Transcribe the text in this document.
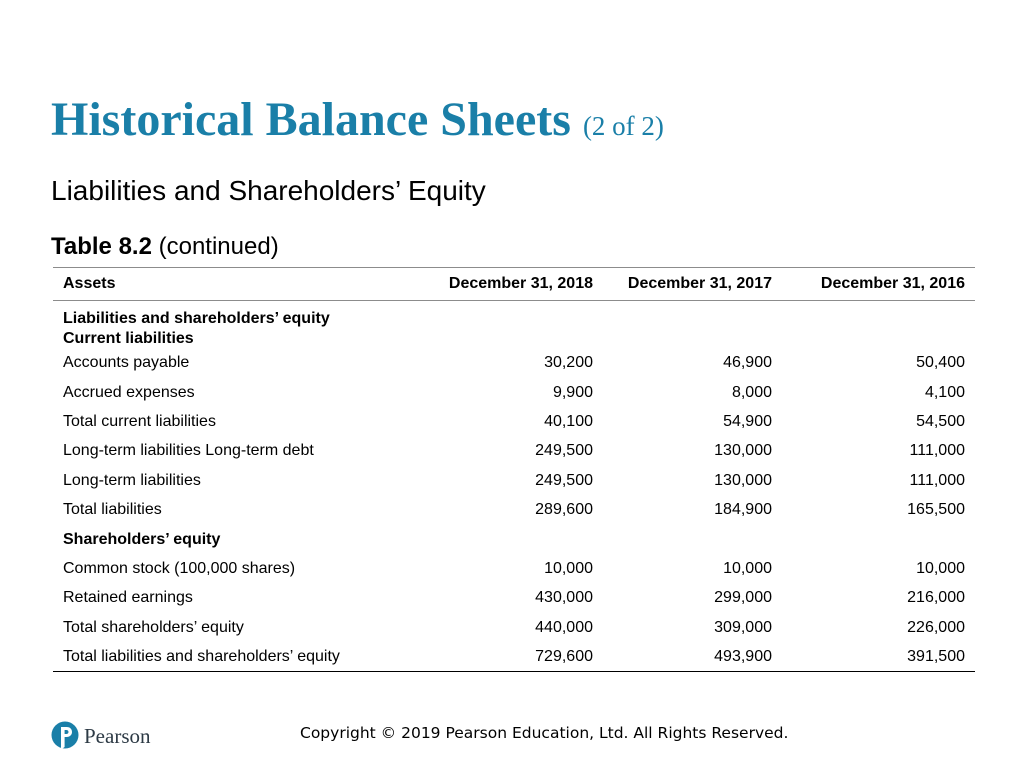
Historical Balance Sheets (2 of 2)
Liabilities and Shareholders’ Equity
Table 8.2 (continued)
Assets	December 31, 2018	December 31, 2017	December 31, 2016

Liabilities and shareholders’ equity
Current liabilities			

Accounts payable	30,200	46,900	50,400
Accrued expenses	9,900	8,000	4,100
Total current liabilities	40,100	54,900	54,500
Long-term liabilities Long-term debt	249,500	130,000	111,000
Long-term liabilities	249,500	130,000	111,000
Total liabilities	289,600	184,900	165,500
Shareholders’ equity			
Common stock (100,000 shares)	10,000	10,000	10,000
Retained earnings	430,000	299,000	216,000
Total shareholders’ equity	440,000	309,000	226,000
Total liabilities and shareholders’ equity	729,600	493,900	391,500
Pearson	Copyright © 2019 Pearson Education, Ltd. All Rights Reserved.
